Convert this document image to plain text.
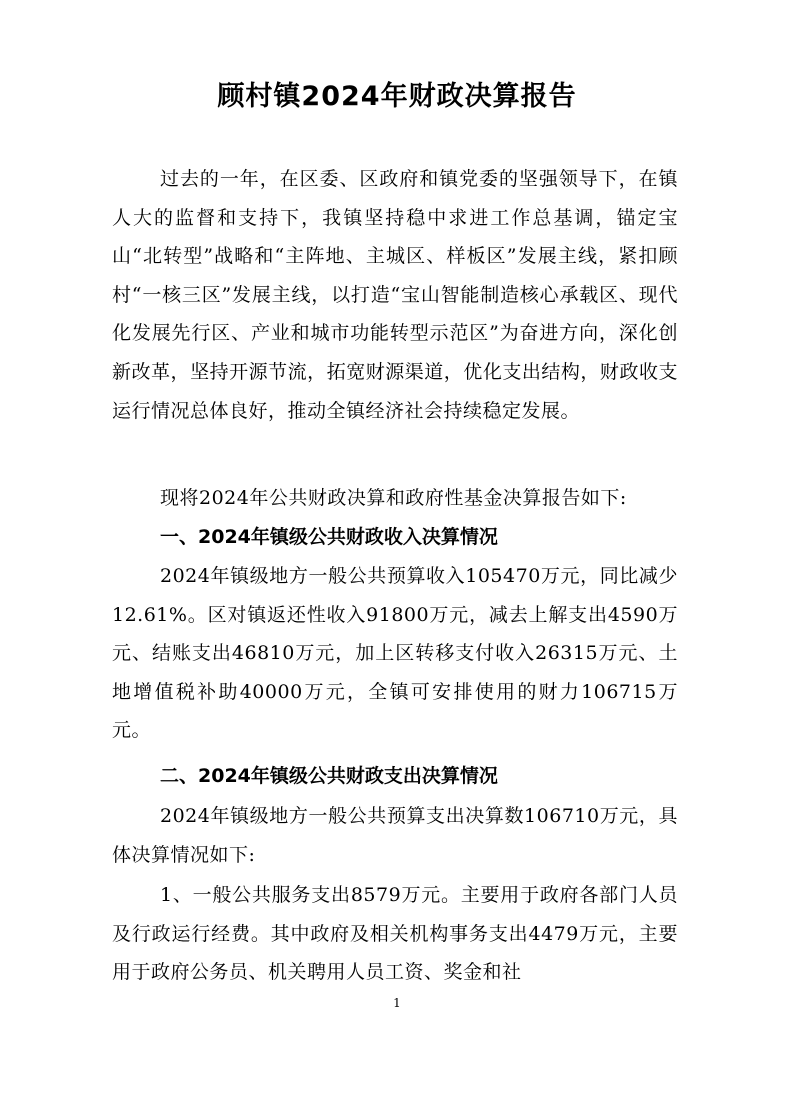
顾村镇2024年财政决算报告

过去的一年，在区委、区政府和镇党委的坚强领导下，在镇人大的监督和支持下，我镇坚持稳中求进工作总基调，锚定宝山“北转型”战略和“主阵地、主城区、样板区”发展主线，紧扣顾村“一核三区”发展主线，以打造“宝山智能制造核心承载区、现代化发展先行区、产业和城市功能转型示范区”为奋进方向，深化创新改革，坚持开源节流，拓宽财源渠道，优化支出结构，财政收支运行情况总体良好，推动全镇经济社会持续稳定发展。

现将2024年公共财政决算和政府性基金决算报告如下:

一、2024年镇级公共财政收入决算情况

2024年镇级地方一般公共预算收入105470万元，同比减少12.61%。区对镇返还性收入91800万元，减去上解支出4590万元、结账支出46810万元，加上区转移支付收入26315万元、土地增值税补助40000万元，全镇可安排使用的财力106715万元。

二、2024年镇级公共财政支出决算情况

2024年镇级地方一般公共预算支出决算数106710万元，具体决算情况如下:

1、一般公共服务支出8579万元。主要用于政府各部门人员及行政运行经费。其中政府及相关机构事务支出4479万元，主要用于政府公务员、机关聘用人员工资、奖金和社

1
